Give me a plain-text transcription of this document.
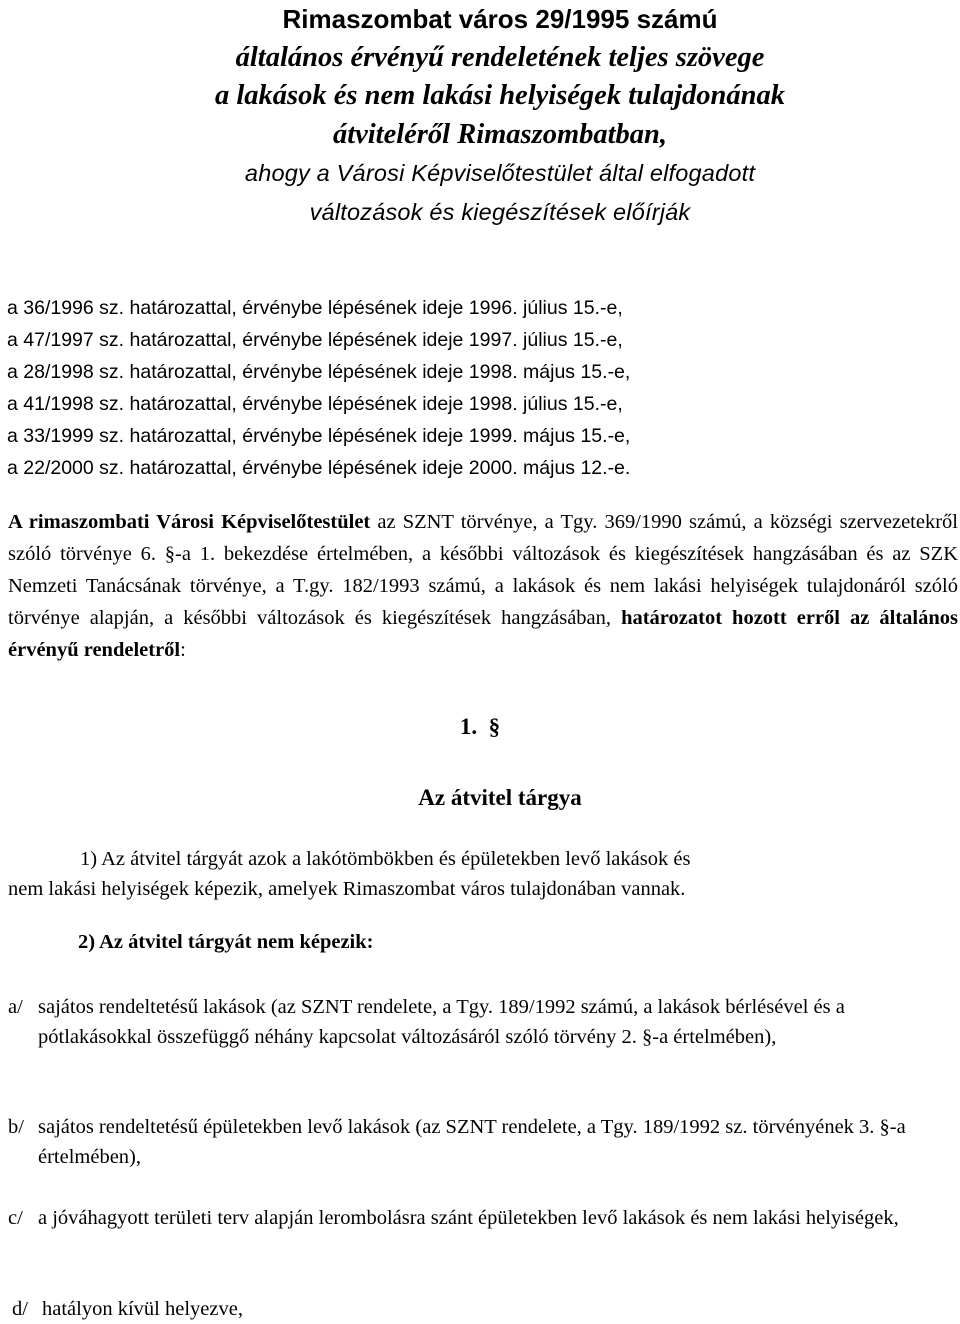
Rimaszombat város 29/1995 számú

általános érvényű rendeletének teljes szövege

a lakások és nem lakási helyiségek tulajdonának

átviteléről Rimaszombatban,

ahogy a Városi Képviselőtestület által elfogadott

változások és kiegészítések előírják

a 36/1996 sz. határozattal, érvénybe lépésének ideje 1996. július 15.-e,
a 47/1997 sz. határozattal, érvénybe lépésének ideje 1997. július 15.-e,
a 28/1998 sz. határozattal, érvénybe lépésének ideje 1998. május 15.-e,
a 41/1998 sz. határozattal, érvénybe lépésének ideje 1998. július 15.-e,
a 33/1999 sz. határozattal, érvénybe lépésének ideje 1999. május 15.-e,
a 22/2000 sz. határozattal, érvénybe lépésének ideje 2000. május 12.-e.

A rimaszombati Városi Képviselőtestület az SZNT törvénye, a Tgy. 369/1990 számú, a községi szervezetekről szóló törvénye 6. §-a 1. bekezdése értelmében, a későbbi változások és kiegészítések hangzásában és az SZK Nemzeti Tanácsának törvénye, a T.gy. 182/1993 számú, a lakások és nem lakási helyiségek tulajdonáról szóló törvénye alapján, a későbbi változások és kiegészítések hangzásában, határozatot hozott erről az általános érvényű rendeletről:

1.  §

Az átvitel tárgya

1) Az átvitel tárgyát azok a lakótömbökben és épületekben levő lakások és
nem lakási helyiségek képezik, amelyek Rimaszombat város tulajdonában vannak.

2) Az átvitel tárgyát nem képezik:

a/ sajátos rendeltetésű lakások (az SZNT rendelete, a Tgy. 189/1992 számú, a lakások bérlésével és a pótlakásokkal összefüggő néhány kapcsolat változásáról szóló törvény 2. §-a értelmében),
b/ sajátos rendeltetésű épületekben levő lakások (az SZNT rendelete, a Tgy. 189/1992 sz. törvényének 3. §-a értelmében),
c/ a jóváhagyott területi terv alapján lerombolásra szánt épületekben levő lakások és nem lakási helyiségek,
d/ hatályon kívül helyezve,
